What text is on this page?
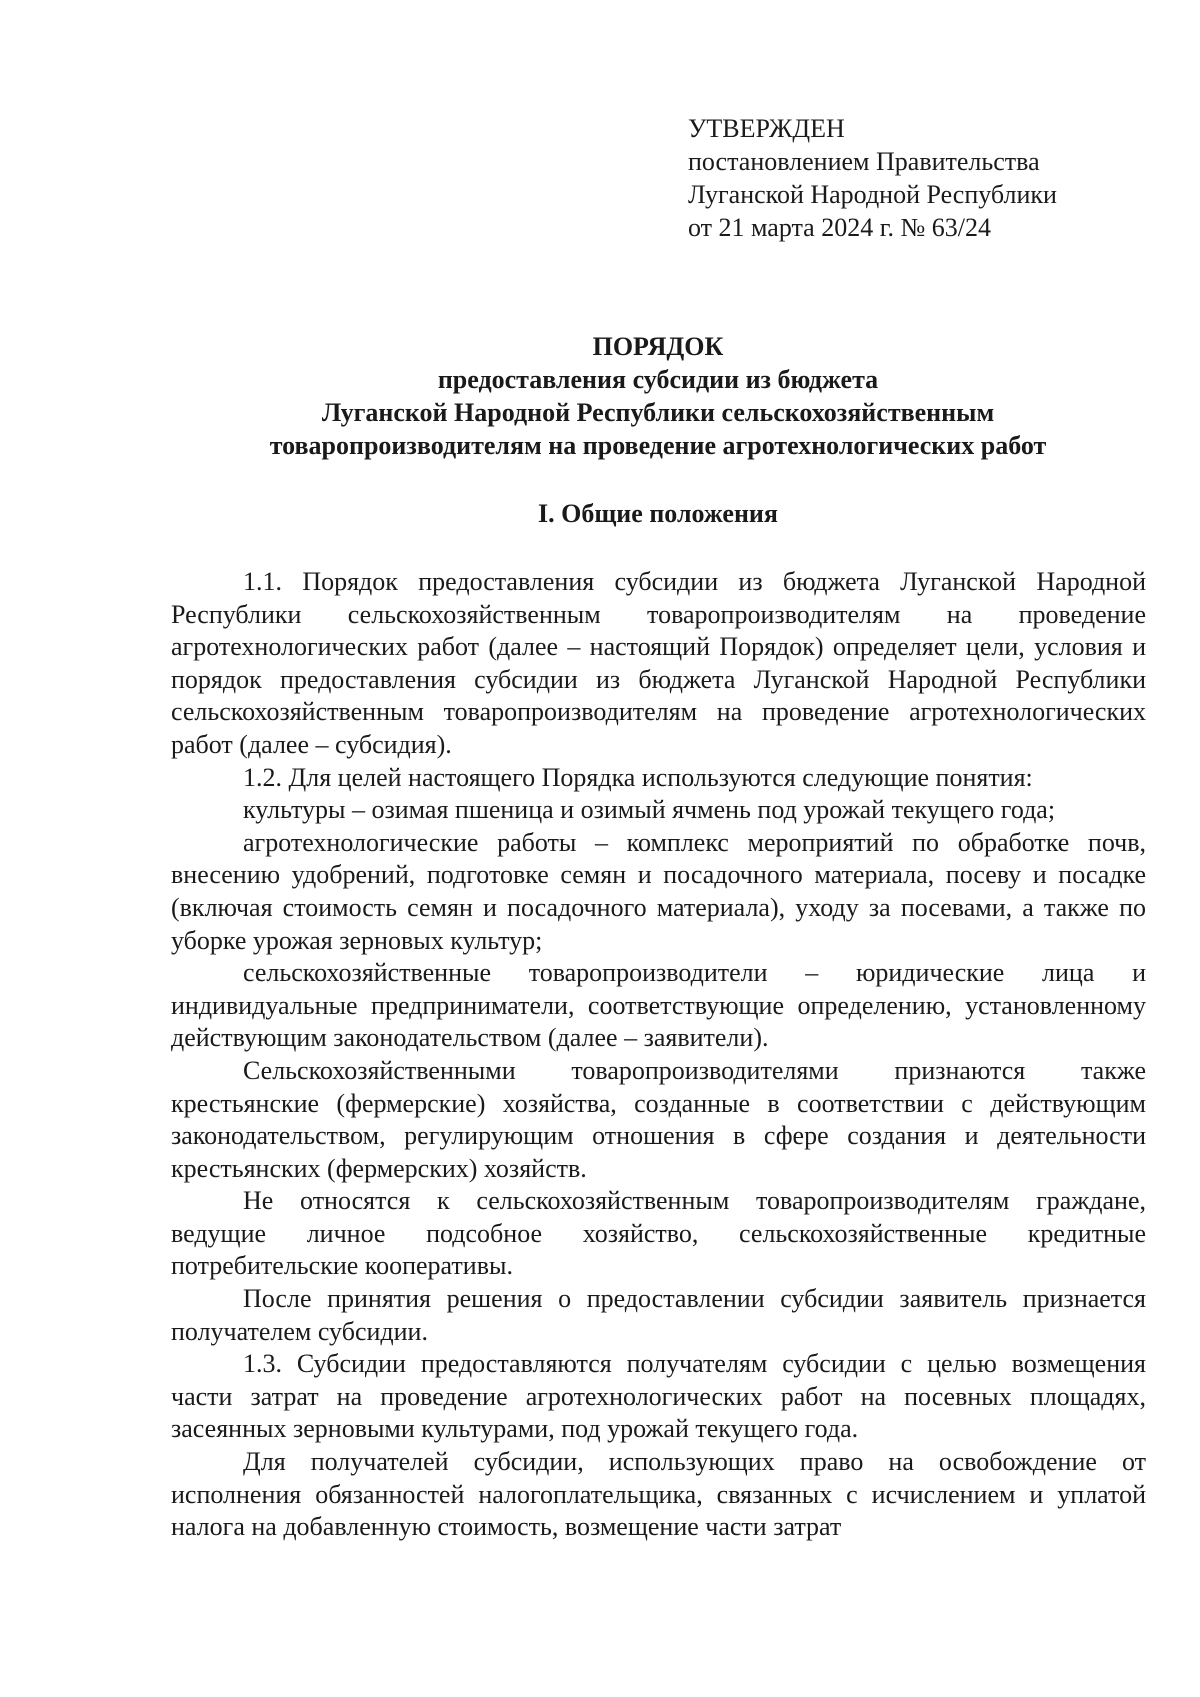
УТВЕРЖДЕН
постановлением Правительства
Луганской Народной Республики
от 21 марта 2024 г. № 63/24
ПОРЯДОК
предоставления субсидии из бюджета
Луганской Народной Республики сельскохозяйственным
товаропроизводителям на проведение агротехнологических работ
I. Общие положения

1.1. Порядок предоставления субсидии из бюджета Луганской Народной Республики сельскохозяйственным товаропроизводителям на проведение агротехнологических работ (далее – настоящий Порядок) определяет цели, условия и порядок предоставления субсидии из бюджета Луганской Народной Республики сельскохозяйственным товаропроизводителям на проведение агротехнологических работ (далее – субсидия).

1.2. Для целей настоящего Порядка используются следующие понятия:

культуры – озимая пшеница и озимый ячмень под урожай текущего года;

агротехнологические работы – комплекс мероприятий по обработке почв, внесению удобрений, подготовке семян и посадочного материала, посеву и посадке (включая стоимость семян и посадочного материала), уходу за посевами, а также по уборке урожая зерновых культур;

сельскохозяйственные товаропроизводители – юридические лица и индивидуальные предприниматели, соответствующие определению, установленному действующим законодательством (далее – заявители).

Сельскохозяйственными товаропроизводителями признаются также крестьянские (фермерские) хозяйства, созданные в соответствии с действующим законодательством, регулирующим отношения в сфере создания и деятельности крестьянских (фермерских) хозяйств.

Не относятся к сельскохозяйственным товаропроизводителям граждане, ведущие личное подсобное хозяйство, сельскохозяйственные кредитные потребительские кооперативы.

После принятия решения о предоставлении субсидии заявитель признается получателем субсидии.

1.3. Субсидии предоставляются получателям субсидии с целью возмещения части затрат на проведение агротехнологических работ на посевных площадях, засеянных зерновыми культурами, под урожай текущего года.

Для получателей субсидии, использующих право на освобождение от исполнения обязанностей налогоплательщика, связанных с исчислением и уплатой налога на добавленную стоимость, возмещение части затрат
